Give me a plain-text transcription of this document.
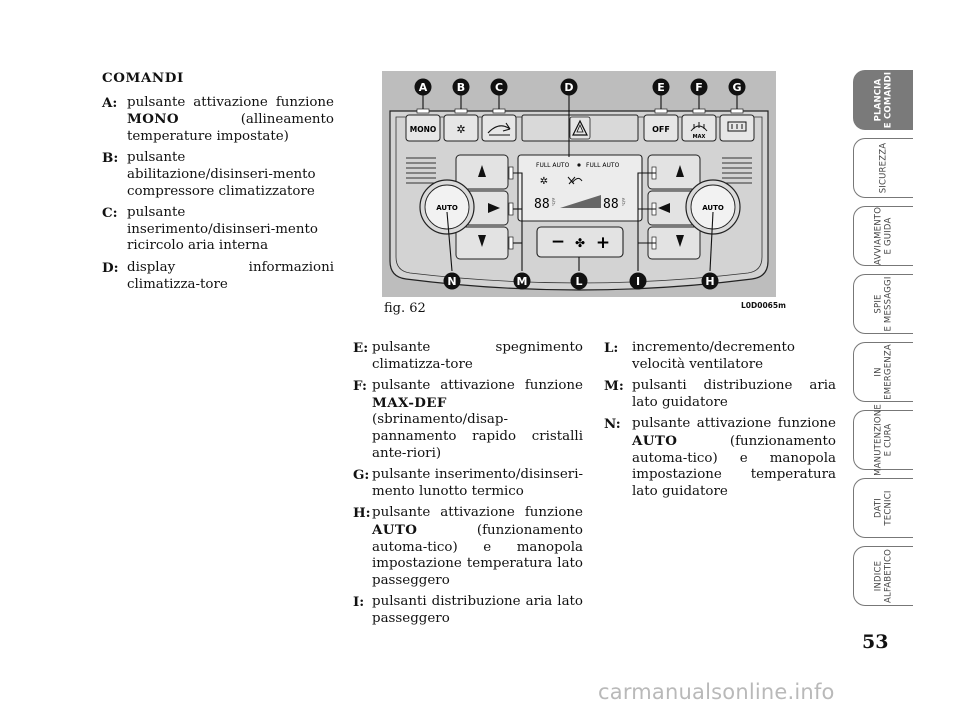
COMANDI
A: pulsante attivazione funzione MONO (allineamento temperature impostate)
B: pulsante abilitazione/disinseri-mento compressore climatizzatore
C: pulsante inserimento/disinseri-mento ricircolo aria interna
D: display informazioni climatizza-tore
MONO ✲	OFF
MAX
AUTO	AUTO
FULL AUTO	FULL AUTO
✲
88 °C/°F	88 °C/°F
− ✤ +
A	B	C	D	E	F	G
N	M	L	I	H
fig. 62	L0D0065m
E: pulsante spegnimento climatizza-tore
F: pulsante attivazione funzione MAX-DEF (sbrinamento/disap-pannamento rapido cristalli ante-riori)
G: pulsante inserimento/disinseri-mento lunotto termico
H: pulsante attivazione funzione AUTO (funzionamento automa-tico) e manopola impostazione temperatura lato passeggero
I: pulsanti distribuzione aria lato passeggero
L:	incremento/decremento velocità ventilatore
M: pulsanti distribuzione aria lato guidatore
N: pulsante attivazione funzione AUTO (funzionamento automa-tico) e manopola impostazione temperatura lato guidatore
PLANCIA
E COMANDI
SICUREZZA
AVVIAMENTO
E GUIDA
SPIE
E MESSAGGI
IN
EMERGENZA
MANUTENZIONE
E CURA
DATI
TECNICI
INDICE
ALFABETICO
53
carmanualsonline.info
